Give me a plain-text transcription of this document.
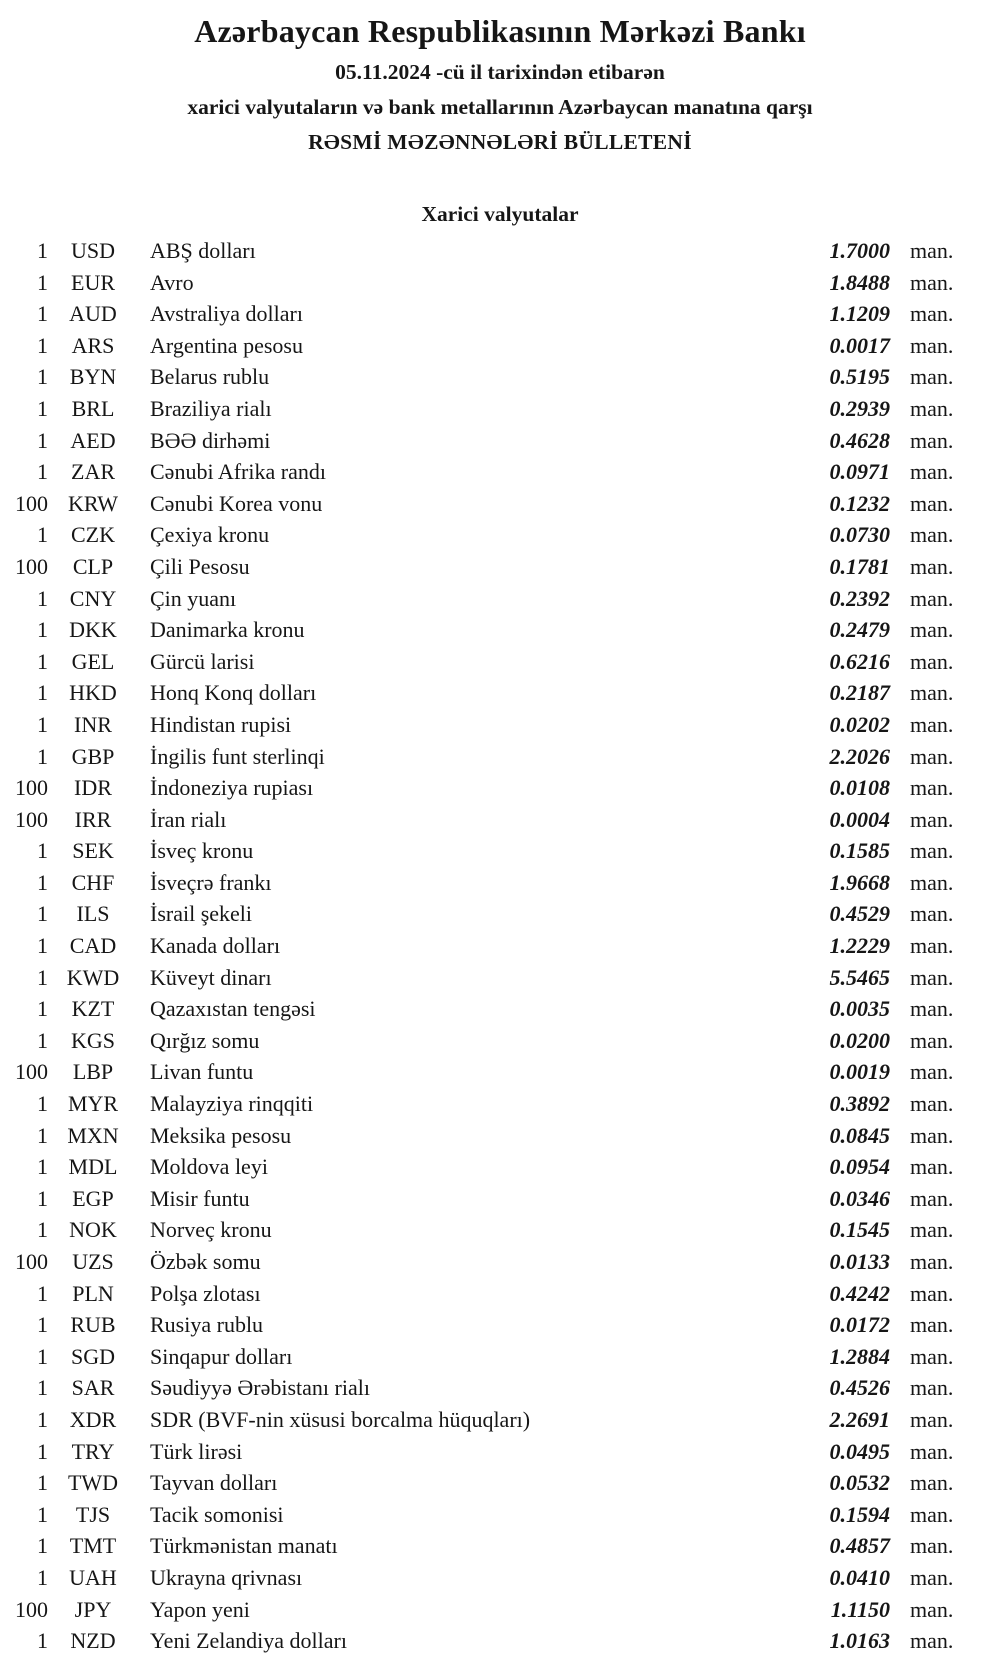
Azərbaycan Respublikasının Mərkəzi Bankı
05.11.2024 -cü il tarixindən etibarən
xarici valyutaların və bank metallarının Azərbaycan manatına qarşı
RƏSMİ MƏZƏNNƏLƏRİ BÜLLETENİ
Xarici valyutalar
1	USD	ABŞ dolları	1.7000 man.
1	EUR	Avro	1.8488 man.
1 AUD	Avstraliya dolları	1.1209 man.
1	ARS	Argentina pesosu	0.0017 man.
1 BYN	Belarus rublu	0.5195 man.
1	BRL	Braziliya rialı	0.2939 man.
1	AED	BƏƏ dirhəmi	0.4628 man.
1	ZAR	Cənubi Afrika randı	0.0971 man.
100 KRW	Cənubi Korea vonu	0.1232 man.
1	CZK	Çexiya kronu	0.0730 man.
100	CLP	Çili Pesosu	0.1781 man.
1 CNY	Çin yuanı	0.2392 man.
1 DKK	Danimarka kronu	0.2479 man.
1	GEL	Gürcü larisi	0.6216 man.
1 HKD	Honq Konq dolları	0.2187 man.
1	INR	Hindistan rupisi	0.0202 man.
1	GBP	İngilis funt sterlinqi	2.2026 man.
100	IDR	İndoneziya rupiası	0.0108 man.
100	IRR	İran rialı	0.0004 man.
1	SEK	İsveç kronu	0.1585 man.
1	CHF	İsveçrə frankı	1.9668 man.
1	ILS	İsrail şekeli	0.4529 man.
1 CAD	Kanada dolları	1.2229 man.
1 KWD	Küveyt dinarı	5.5465 man.
1	KZT	Qazaxıstan tengəsi	0.0035 man.
1	KGS	Qırğız somu	0.0200 man.
100	LBP	Livan funtu	0.0019 man.
1 MYR	Malayziya rinqqiti	0.3892 man.
1 MXN	Meksika pesosu	0.0845 man.
1 MDL	Moldova leyi	0.0954 man.
1	EGP	Misir funtu	0.0346 man.
1 NOK	Norveç kronu	0.1545 man.
100	UZS	Özbək somu	0.0133 man.
1	PLN	Polşa zlotası	0.4242 man.
1	RUB	Rusiya rublu	0.0172 man.
1	SGD	Sinqapur dolları	1.2884 man.
1	SAR	Səudiyyə Ərəbistanı rialı	0.4526 man.
1 XDR	SDR (BVF-nin xüsusi borcalma hüquqları)	2.2691 man.
1	TRY	Türk lirəsi	0.0495 man.
1 TWD	Tayvan dolları	0.0532 man.
1	TJS	Tacik somonisi	0.1594 man.
1 TMT	Türkmənistan manatı	0.4857 man.
1 UAH	Ukrayna qrivnası	0.0410 man.
100	JPY	Yapon yeni	1.1150 man.
1	NZD	Yeni Zelandiya dolları	1.0163 man.
